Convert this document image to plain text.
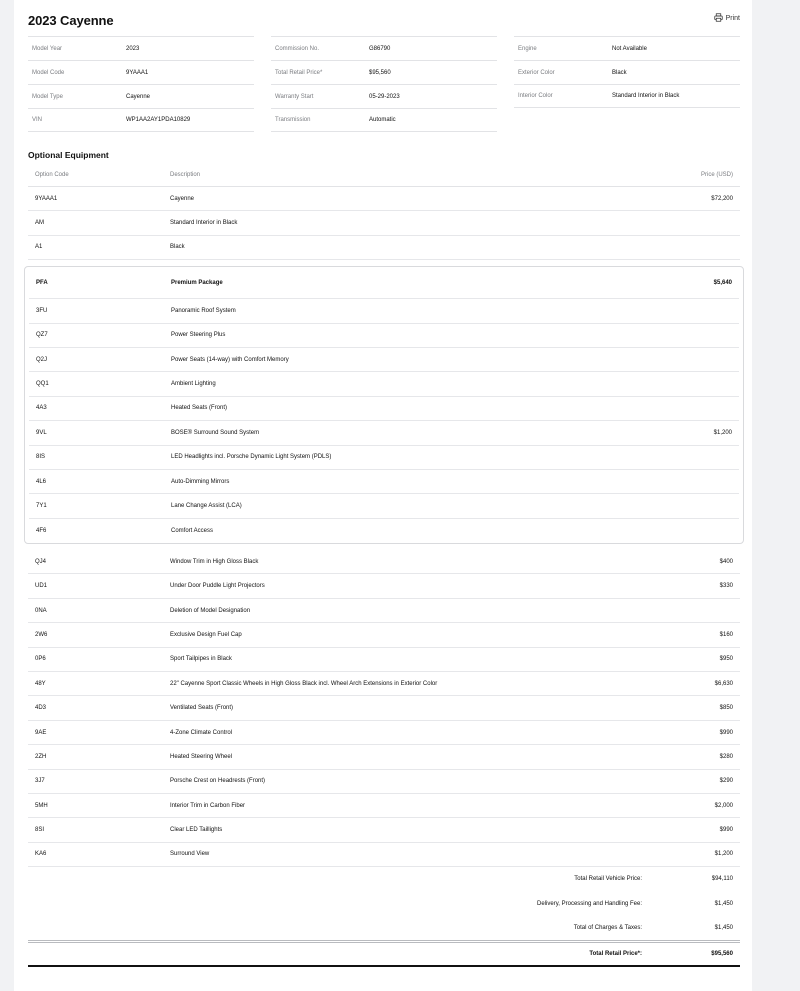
2023 Cayenne	Print
Model Year	2023
Model Code	9YAAA1
Model Type	Cayenne
VIN	WP1AA2AY1PDA10829
Commission No.	G86790
Total Retail Price*	$95,560
Warranty Start	05-29-2023
Transmission	Automatic
Engine	Not Available
Exterior Color	Black
Interior Color	Standard Interior in Black
Optional Equipment
Option Code	Description	Price (USD)
9YAAA1	Cayenne	$72,200
AM	Standard Interior in Black
A1	Black
PFA	Premium Package	$5,640
3FU	Panoramic Roof System
QZ7	Power Steering Plus
Q2J	Power Seats (14-way) with Comfort Memory
QQ1	Ambient Lighting
4A3	Heated Seats (Front)
9VL	BOSE® Surround Sound System	$1,200
8IS	LED Headlights incl. Porsche Dynamic Light System (PDLS)
4L6	Auto-Dimming Mirrors
7Y1	Lane Change Assist (LCA)
4F6	Comfort Access
QJ4	Window Trim in High Gloss Black	$400
UD1	Under Door Puddle Light Projectors	$330
0NA	Deletion of Model Designation
2W6	Exclusive Design Fuel Cap	$160
0P6	Sport Tailpipes in Black	$950
48Y	22" Cayenne Sport Classic Wheels in High Gloss Black incl. Wheel Arch Extensions in Exterior Color	$6,630
4D3	Ventilated Seats (Front)	$850
9AE	4-Zone Climate Control	$990
2ZH	Heated Steering Wheel	$280
3J7	Porsche Crest on Headrests (Front)	$290
5MH	Interior Trim in Carbon Fiber	$2,000
8SI	Clear LED Taillights	$990
KA6	Surround View	$1,200
Total Retail Vehicle Price:	$94,110
Delivery, Processing and Handling Fee:	$1,450
Total of Charges & Taxes:	$1,450
Total Retail Price*:	$95,560
